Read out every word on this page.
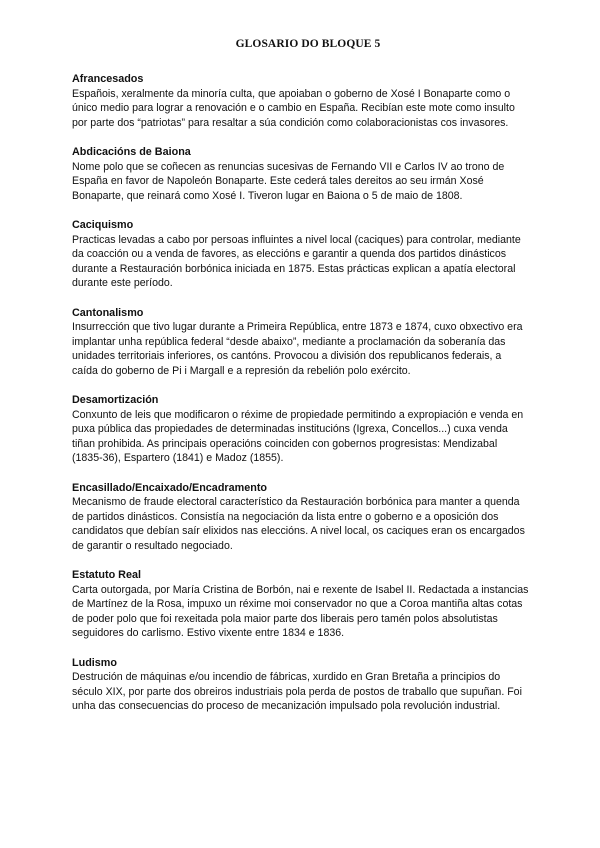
GLOSARIO DO BLOQUE 5

Afrancesados

Españois, xeralmente da minoría culta, que apoiaban o goberno de Xosé I Bonaparte como o único medio para lograr a renovación e o cambio en España. Recibían este mote como insulto por parte dos “patriotas” para resaltar a súa condición como colaboracionistas cos invasores.

Abdicacións de Baiona

Nome polo que se coñecen as renuncias sucesivas de Fernando VII e Carlos IV ao trono de España en favor de Napoleón Bonaparte. Este cederá tales dereitos ao seu irmán Xosé Bonaparte, que reinará como Xosé I. Tiveron lugar en Baiona o 5 de maio de 1808.

Caciquismo

Practicas levadas a cabo por persoas influintes a nivel local (caciques) para controlar, mediante da coacción ou a venda de favores, as eleccións e garantir a quenda dos partidos dinásticos durante a Restauración borbónica iniciada en 1875. Estas prácticas explican a apatía electoral durante este período.

Cantonalismo

Insurrección que tivo lugar durante a Primeira República, entre 1873 e 1874, cuxo obxectivo era implantar unha república federal “desde abaixo”, mediante a proclamación da soberanía das unidades territoriais inferiores, os cantóns. Provocou a división dos republicanos federais, a caída do goberno de Pi i Margall e a represión da rebelión polo exército.

Desamortización

Conxunto de leis que modificaron o réxime de propiedade permitindo a expropiación e venda en puxa pública das propiedades de determinadas institucións (Igrexa, Concellos...) cuxa venda tiñan prohibida. As principais operacións coinciden con gobernos progresistas: Mendizabal (1835-36), Espartero (1841) e Madoz (1855).

Encasillado/Encaixado/Encadramento

Mecanismo de fraude electoral característico da Restauración borbónica para manter a quenda de partidos dinásticos. Consistía na negociación da lista entre o goberno e a oposición dos candidatos que debían saír elixidos nas eleccións. A nivel local, os caciques eran os encargados de garantir o resultado negociado.

Estatuto Real

Carta outorgada, por María Cristina de Borbón, nai e rexente de Isabel II. Redactada a instancias de Martínez de la Rosa, impuxo un réxime moi conservador no que a Coroa mantiña altas cotas de poder polo que foi rexeitada pola maior parte dos liberais pero tamén polos absolutistas seguidores do carlismo. Estivo vixente entre 1834 e 1836.

Ludismo

Destrución de máquinas e/ou incendio de fábricas, xurdido en Gran Bretaña a principios do século XIX, por parte dos obreiros industriais pola perda de postos de traballo que supuñan. Foi unha das consecuencias do proceso de mecanización impulsado pola revolución industrial.
